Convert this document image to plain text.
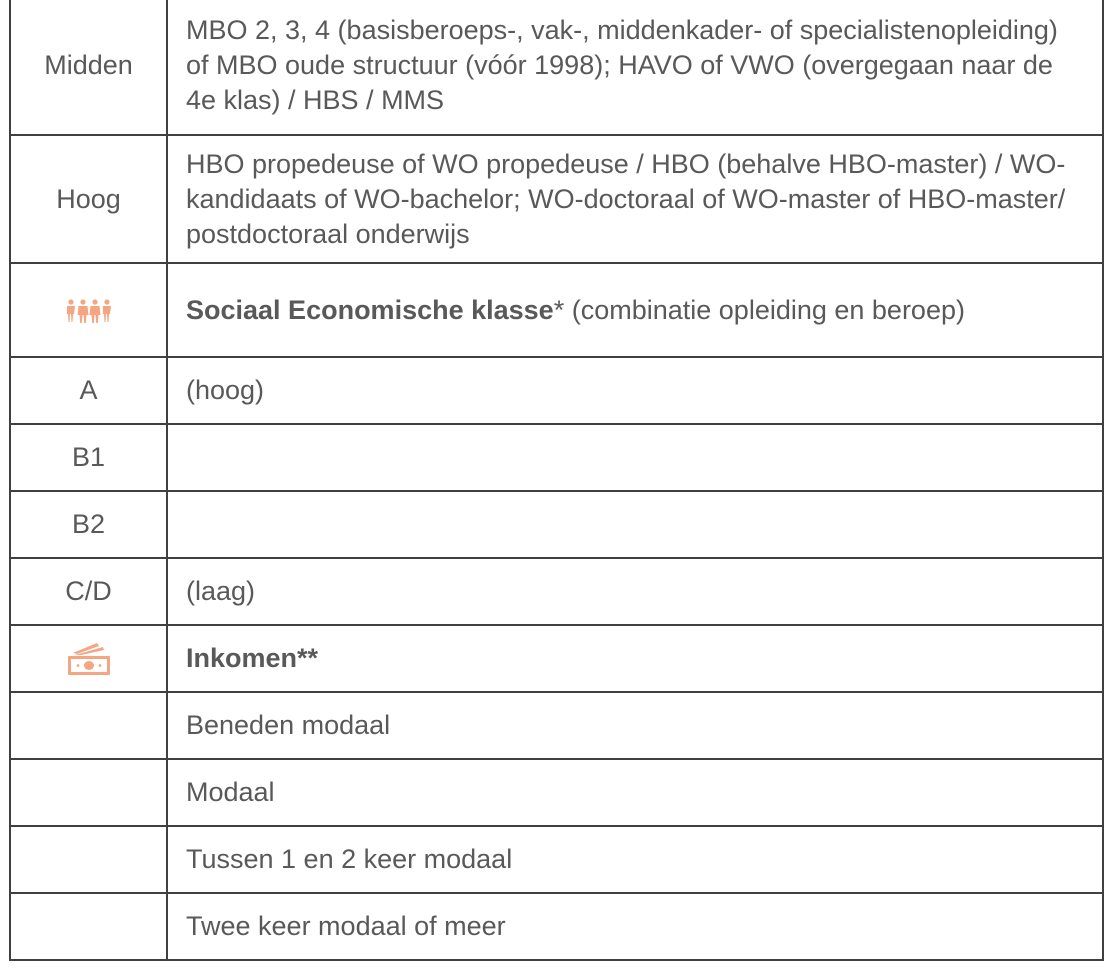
Midden	MBO 2, 3, 4 (basisberoeps-, vak-, middenkader- of specialistenopleiding) of MBO oude structuur (vóór 1998); HAVO of VWO (overgegaan naar de 4e klas) / HBS / MMS
Hoog	HBO propedeuse of WO propedeuse / HBO (behalve HBO-master) / WO-kandidaats of WO-bachelor; WO-doctoraal of WO-master of HBO-master/ postdoctoraal onderwijs
	Sociaal Economische klasse* (combinatie opleiding en beroep)
A	(hoog)
B1	
B2	
C/D	(laag)
	Inkomen**
	Beneden modaal
	Modaal
	Tussen 1 en 2 keer modaal
	Twee keer modaal of meer
